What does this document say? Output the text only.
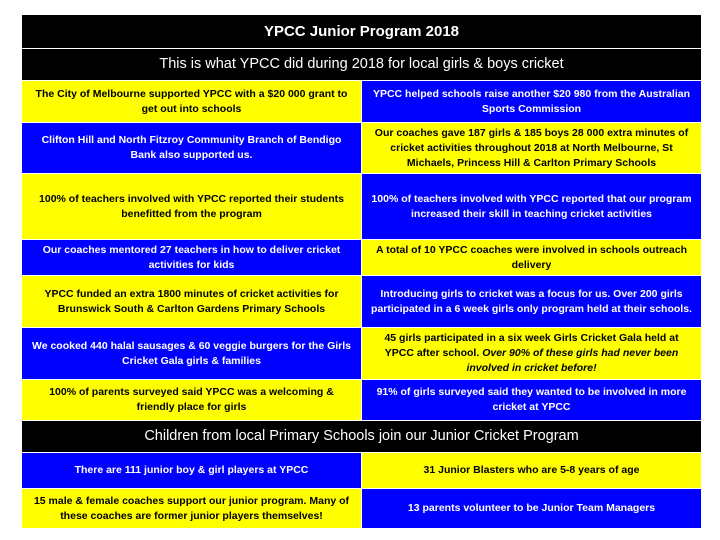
YPCC Junior Program 2018	
This is what YPCC did during 2018 for local girls & boys cricket	
The City of Melbourne supported YPCC with a $20 000 grant to get out into schools	YPCC helped schools raise another $20 980 from the Australian Sports Commission
Clifton Hill and North Fitzroy Community Branch of Bendigo Bank also supported us.	Our coaches gave 187 girls & 185 boys 28 000 extra minutes of cricket activities throughout 2018 at North Melbourne, St Michaels, Princess Hill & Carlton Primary Schools
100% of teachers involved with YPCC reported their students benefitted from the program	100% of teachers involved with YPCC reported that our program increased their skill in teaching cricket activities
Our coaches mentored 27 teachers in how to deliver cricket activities for kids	A total of 10 YPCC coaches were involved in schools outreach delivery
YPCC funded an extra 1800 minutes of cricket activities for Brunswick South & Carlton Gardens Primary Schools	Introducing girls to cricket was a focus for us. Over 200 girls participated in a 6 week girls only program held at their schools.
We cooked 440 halal sausages & 60 veggie burgers for the Girls Cricket Gala girls & families	45 girls participated in a six week Girls Cricket Gala held at YPCC after school. Over 90% of these girls had never been involved in cricket before!
100% of parents surveyed said YPCC was a welcoming & friendly place for girls	91% of girls surveyed said they wanted to be involved in more cricket at YPCC
Children from local Primary Schools join our Junior Cricket Program	
There are 111 junior boy & girl players at YPCC	31 Junior Blasters who are 5-8 years of age
15 male & female coaches support our junior program. Many of these coaches are former junior players themselves!	13 parents volunteer to be Junior Team Managers
